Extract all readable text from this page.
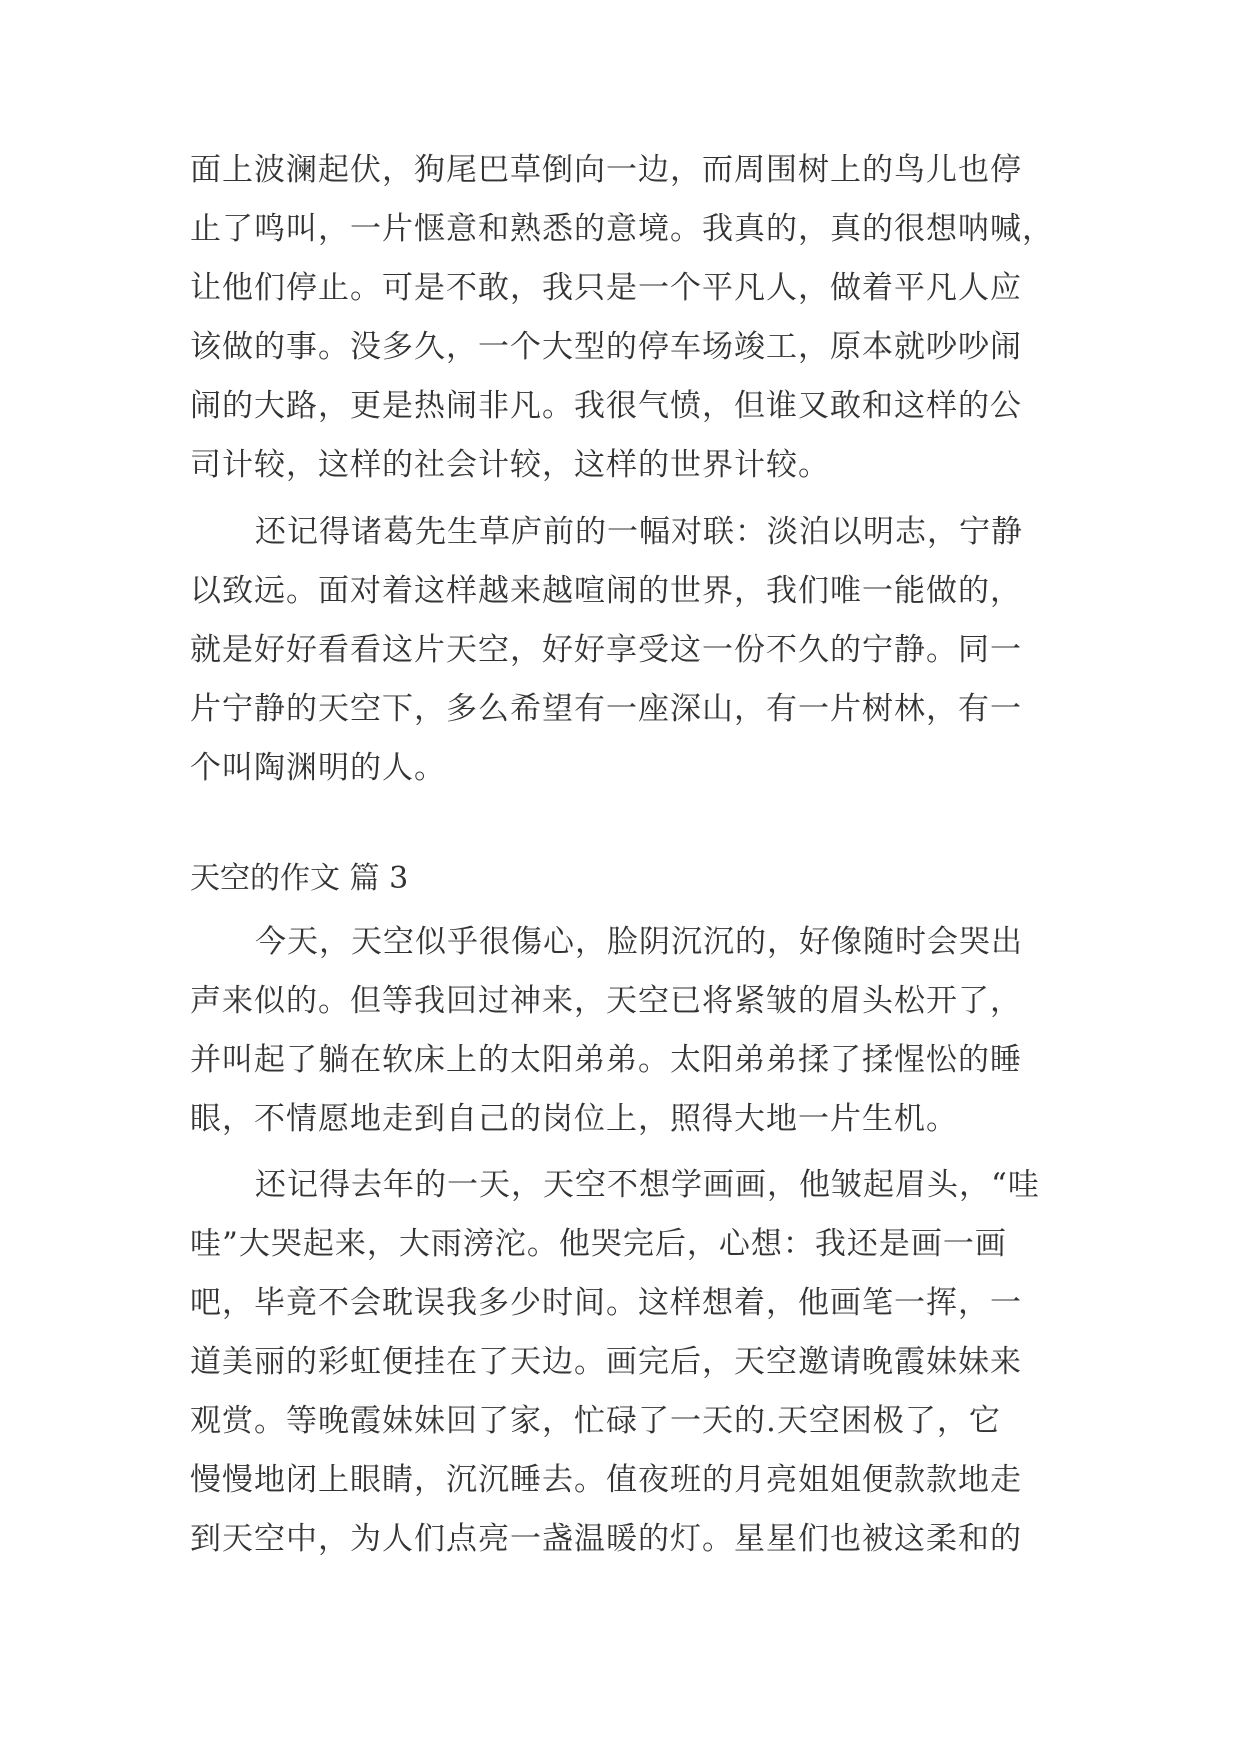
面上波澜起伏，狗尾巴草倒向一边，而周围树上的鸟儿也停
止了鸣叫，一片惬意和熟悉的意境。我真的，真的很想呐喊，
让他们停止。可是不敢，我只是一个平凡人，做着平凡人应
该做的事。没多久，一个大型的停车场竣工，原本就吵吵闹
闹的大路，更是热闹非凡。我很气愤，但谁又敢和这样的公
司计较，这样的社会计较，这样的世界计较。
还记得诸葛先生草庐前的一幅对联：淡泊以明志，宁静
以致远。面对着这样越来越喧闹的世界，我们唯一能做的，
就是好好看看这片天空，好好享受这一份不久的宁静。同一
片宁静的天空下，多么希望有一座深山，有一片树林，有一
个叫陶渊明的人。
天空的作文 篇 3
今天，天空似乎很傷心，脸阴沉沉的，好像随时会哭出
声来似的。但等我回过神来，天空已将紧皱的眉头松开了，
并叫起了躺在软床上的太阳弟弟。太阳弟弟揉了揉惺忪的睡
眼，不情愿地走到自己的岗位上，照得大地一片生机。
还记得去年的一天，天空不想学画画，他皱起眉头，“哇
哇”大哭起来，大雨滂沱。他哭完后，心想：我还是画一画
吧，毕竟不会耽误我多少时间。这样想着，他画笔一挥，一
道美丽的彩虹便挂在了天边。画完后，天空邀请晚霞妹妹来
观赏。等晚霞妹妹回了家，忙碌了一天的.天空困极了，它
慢慢地闭上眼睛，沉沉睡去。值夜班的月亮姐姐便款款地走
到天空中，为人们点亮一盏温暖的灯。星星们也被这柔和的
